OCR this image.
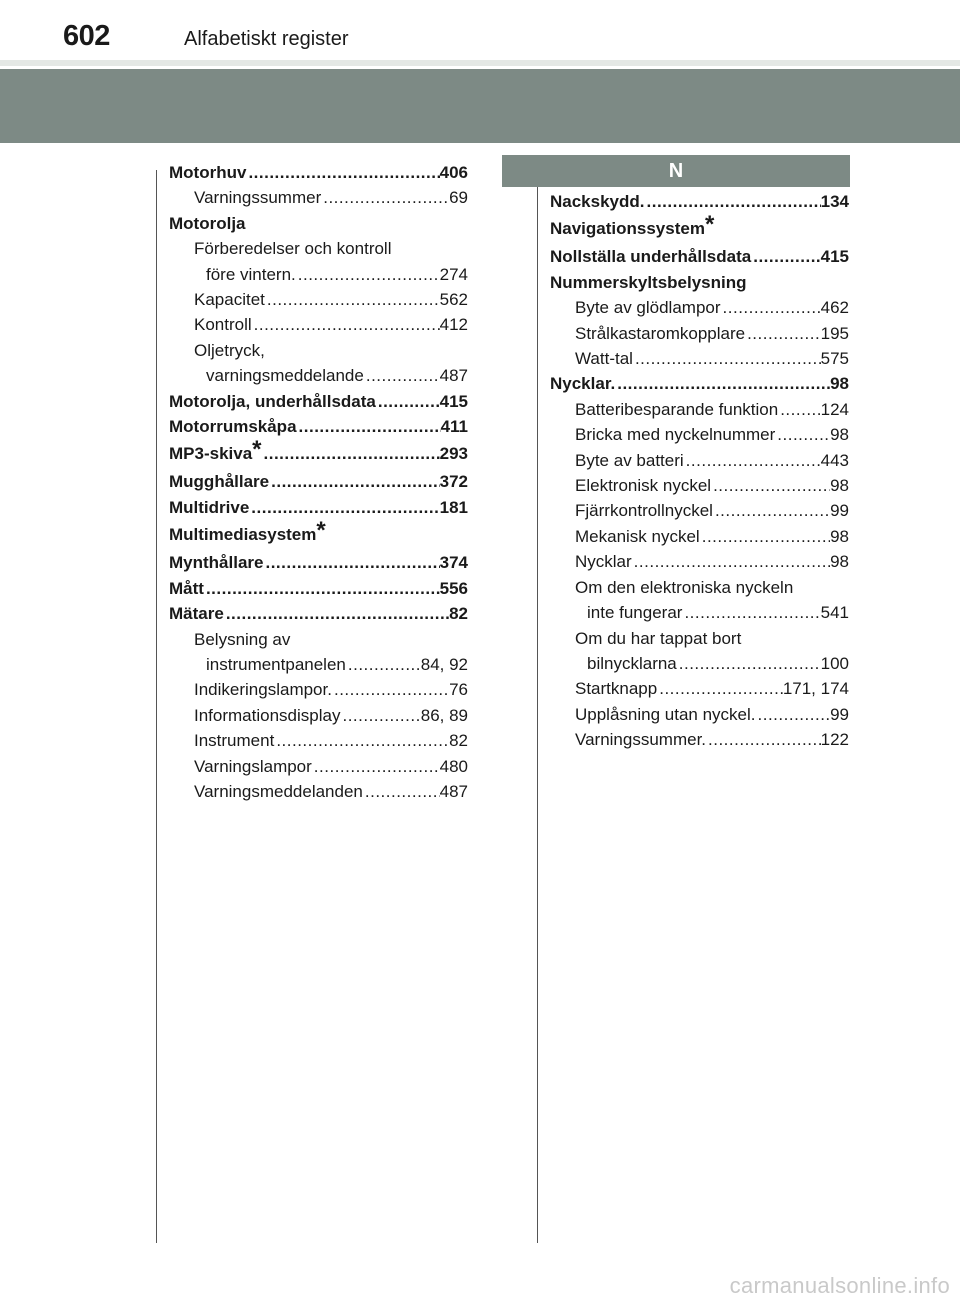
602	Alfabetiskt register
N
Motorhuv .....	406
Varningssummer .....	69
Motorolja
Förberedelser och kontroll
före vintern. .....	274
Kapacitet .....	562
Kontroll .....	412
Oljetryck,
varningsmeddelande .....	487
Motorolja, underhållsdata .....	415
Motorrumskåpa .....	411
MP3-skiva* .....	293
Mugghållare .....	372
Multidrive .....	181
Multimediasystem*
Mynthållare .....	374
Mått .....	556
Mätare .....	82
Belysning av
instrumentpanelen .....	84, 92
Indikeringslampor. .....	76
Informationsdisplay .....	86, 89
Instrument .....	82
Varningslampor .....	480
Varningsmeddelanden .....	487
Nackskydd. .....	134
Navigationssystem*
Nollställa underhållsdata .....	415
Nummerskyltsbelysning
Byte av glödlampor .....	462
Strålkastaromkopplare .....	195
Watt-tal .....	575
Nycklar. .....	98
Batteribesparande funktion ..... 124
Bricka med nyckelnummer .....	98
Byte av batteri .....	443
Elektronisk nyckel .....	98
Fjärrkontrollnyckel .....	99
Mekanisk nyckel .....	98
Nycklar .....	98
Om den elektroniska nyckeln
inte fungerar .....	541
Om du har tappat bort
bilnycklarna .....	100
Startknapp .....	171, 174
Upplåsning utan nyckel. .....	99
Varningssummer. .....	122
carmanualsonline.info
